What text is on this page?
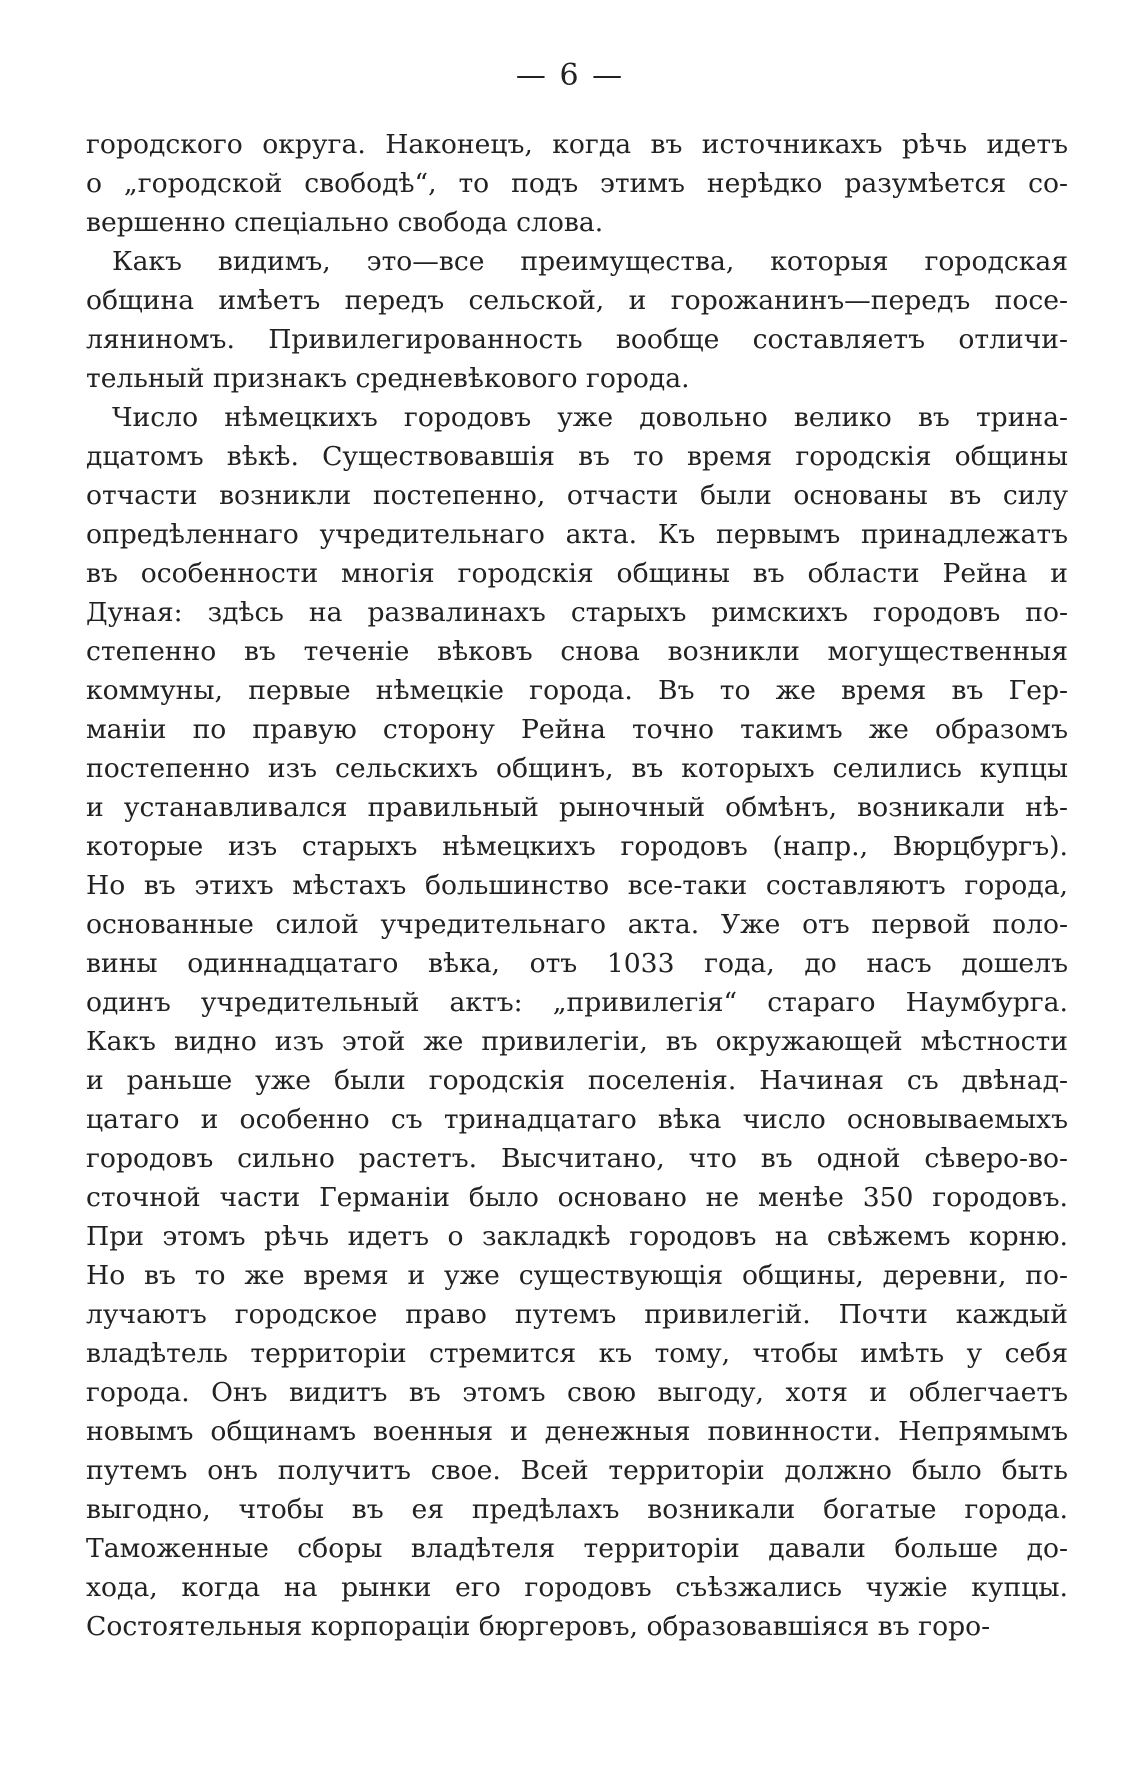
— 6 —
городского округа. Наконецъ, когда въ источникахъ рѣчь идетъ
о „городской свободѣ“, то подъ этимъ нерѣдко разумѣется со-
вершенно спеціально свобода слова.
Какъ видимъ, это—все преимущества, которыя городская
община имѣетъ передъ сельской, и горожанинъ—передъ посе-
ляниномъ. Привилегированность вообще составляетъ отличи-
тельный признакъ средневѣкового города.
Число нѣмецкихъ городовъ уже довольно велико въ трина-
дцатомъ вѣкѣ. Существовавшія въ то время городскія общины
отчасти возникли постепенно, отчасти были основаны въ силу
опредѣленнаго учредительнаго акта. Къ первымъ принадлежатъ
въ особенности многія городскія общины въ области Рейна и
Дуная: здѣсь на развалинахъ старыхъ римскихъ городовъ по-
степенно въ теченіе вѣковъ снова возникли могущественныя
коммуны, первые нѣмецкіе города. Въ то же время въ Гер-
маніи по правую сторону Рейна точно такимъ же образомъ
постепенно изъ сельскихъ общинъ, въ которыхъ селились купцы
и устанавливался правильный рыночный обмѣнъ, возникали нѣ-
которые изъ старыхъ нѣмецкихъ городовъ (напр., Вюрцбургъ).
Но въ этихъ мѣстахъ большинство все-таки составляютъ города,
основанные силой учредительнаго акта. Уже отъ первой поло-
вины одиннадцатаго вѣка, отъ 1033 года, до насъ дошелъ
одинъ учредительный актъ: „привилегія“ стараго Наумбурга.
Какъ видно изъ этой же привилегіи, въ окружающей мѣстности
и раньше уже были городскія поселенія. Начиная съ двѣнад-
цатаго и особенно съ тринадцатаго вѣка число основываемыхъ
городовъ сильно растетъ. Высчитано, что въ одной сѣверо-во-
сточной части Германіи было основано не менѣе 350 городовъ.
При этомъ рѣчь идетъ о закладкѣ городовъ на свѣжемъ корню.
Но въ то же время и уже существующія общины, деревни, по-
лучаютъ городское право путемъ привилегій. Почти каждый
владѣтель территоріи стремится къ тому, чтобы имѣть у себя
города. Онъ видитъ въ этомъ свою выгоду, хотя и облегчаетъ
новымъ общинамъ военныя и денежныя повинности. Непрямымъ
путемъ онъ получитъ свое. Всей территоріи должно было быть
выгодно, чтобы въ ея предѣлахъ возникали богатые города.
Таможенные сборы владѣтеля территоріи давали больше до-
хода, когда на рынки его городовъ съѣзжались чужіе купцы.
Состоятельныя корпораціи бюргеровъ, образовавшіяся въ горо-
